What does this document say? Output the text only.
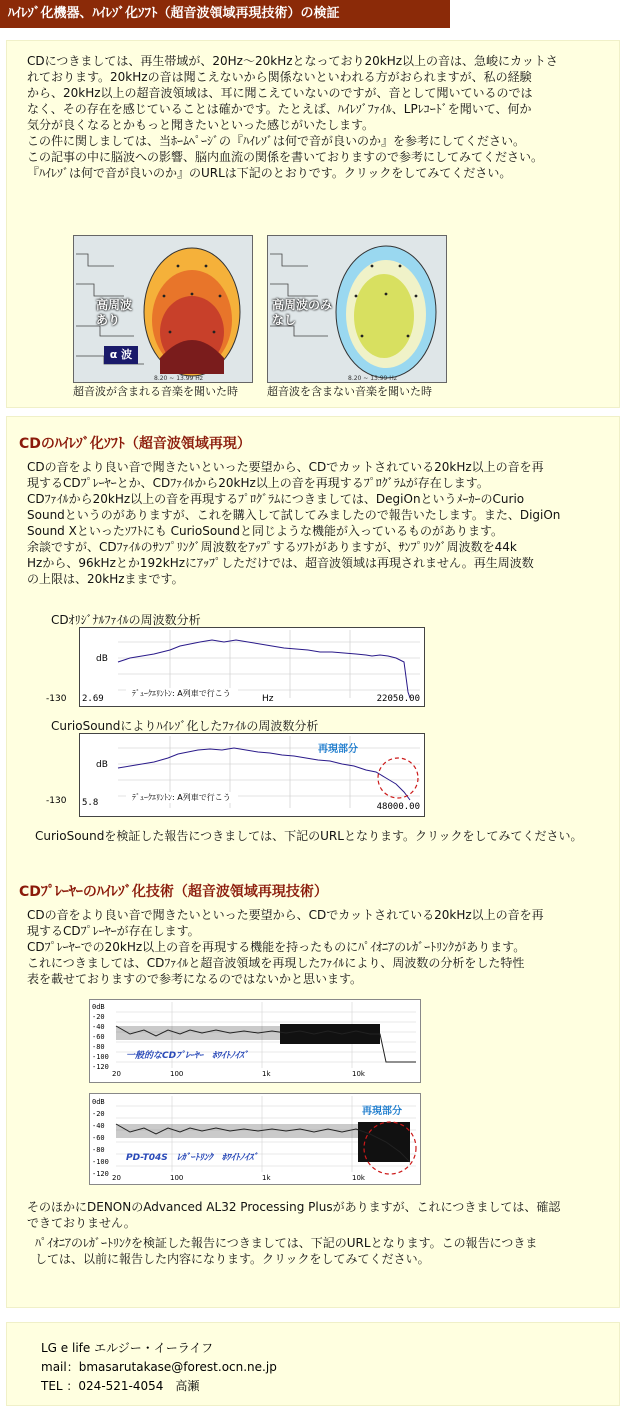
ﾊｲﾚｿﾞ化機器、ﾊｲﾚｿﾞ化ｿﾌﾄ（超音波領域再現技術）の検証

CDにつきましては、再生帯域が、20Hz～20kHzとなっており20kHz以上の音は、急峻にカットさ

れております。20kHzの音は聞こえないから関係ないといわれる方がおられますが、私の経験

から、20kHz以上の超音波領域は、耳に聞こえていないのですが、音として聞いているのでは

なく、その存在を感じていることは確かです。たとえば、ﾊｲﾚｿﾞﾌｧｲﾙ、LPﾚｺｰﾄﾞを聞いて、何か

気分が良くなるとかもっと聞きたいといった感じがいたします。

この件に関しましては、当ﾎｰﾑﾍﾟｰｼﾞの『ﾊｲﾚｿﾞは何で音が良いのか』を参考にしてください。

この記事の中に脳波への影響、脳内血流の関係を書いておりますので参考にしてみてください。

『ﾊｲﾚｿﾞは何で音が良いのか』のURLは下記のとおりです。クリックをしてみてください。

8.20 ~ 13.99 Hz
高周波
あり
α 波
超音波が含まれる音楽を聞いた時
8.20 ~ 13.99 Hz
高周波のみ
なし
超音波を含まない音楽を聞いた時
CDのﾊｲﾚｿﾞ化ｿﾌﾄ（超音波領域再現）

CDの音をより良い音で聞きたいといった要望から、CDでカットされている20kHz以上の音を再

現するCDﾌﾟﾚｰﾔｰとか、CDﾌｧｲﾙから20kHz以上の音を再現するﾌﾟﾛｸﾞﾗﾑが存在します。

CDﾌｧｲﾙから20kHz以上の音を再現するﾌﾟﾛｸﾞﾗﾑにつきましては、DegiOnというﾒｰｶｰのCurio

Soundというのがありますが、これを購入して試してみましたので報告いたします。また、DigiOn

Sound Xといったｿﾌﾄにも CurioSoundと同じような機能が入っているものがあります。

余談ですが、CDﾌｧｲﾙのｻﾝﾌﾟﾘﾝｸﾞ周波数をｱｯﾌﾟするｿﾌﾄがありますが、ｻﾝﾌﾟﾘﾝｸﾞ周波数を44k

Hzから、96kHzとか192kHzにｱｯﾌﾟしただけでは、超音波領域は再現されません。再生周波数

の上限は、20kHzままです。

CDｵﾘｼﾞﾅﾙﾌｧｲﾙの周波数分析
dB
-130 2.69
ﾃﾞｭｰｸｴﾘﾝﾄﾝ: A列車で行こう
Hz	22050.00
CurioSoundによりﾊｲﾚｿﾞ化したﾌｧｲﾙの周波数分析
dB
-130 5.8
ﾃﾞｭｰｸｴﾘﾝﾄﾝ: A列車で行こう
再現部分
48000.00

CurioSoundを検証した報告につきましては、下記のURLとなります。クリックをしてみてください。

CDﾌﾟﾚｰﾔｰのﾊｲﾚｿﾞ化技術（超音波領域再現技術）

CDの音をより良い音で聞きたいといった要望から、CDでカットされている20kHz以上の音を再

現するCDﾌﾟﾚｰﾔｰが存在します。

CDﾌﾟﾚｰﾔｰでの20kHz以上の音を再現する機能を持ったものにﾊﾟｲｵﾆｱのﾚｶﾞｰﾄﾘﾝｸがあります。

これにつきましては、CDﾌｧｲﾙと超音波領域を再現したﾌｧｲﾙにより、周波数の分析をした特性

表を載せておりますので参考になるのではないかと思います。

0dB
-20
-40
-60
-80
-100
-120
一般的なCDﾌﾟﾚｰﾔｰ　ﾎﾜｲﾄﾉｲｽﾞ
20	100	1k	10k
0dB
-20
-40
-60
-80
-100
-120
再現部分
PD-T04S　ﾚｶﾞｰﾄﾘﾝｸ　ﾎﾜｲﾄﾉｲｽﾞ
20	100	1k	10k

そのほかにDENONのAdvanced AL32 Processing Plusがありますが、これにつきましては、確認

できておりません。

ﾊﾟｲｵﾆｱのﾚｶﾞｰﾄﾘﾝｸを検証した報告につきましては、下記のURLとなります。この報告につきま

しては、以前に報告した内容になります。クリックをしてみてください。

LG e life エルジー・イーライフ

mail：bmasarutakase@forest.ocn.ne.jp

TEL ：024-521-4054　高瀬
